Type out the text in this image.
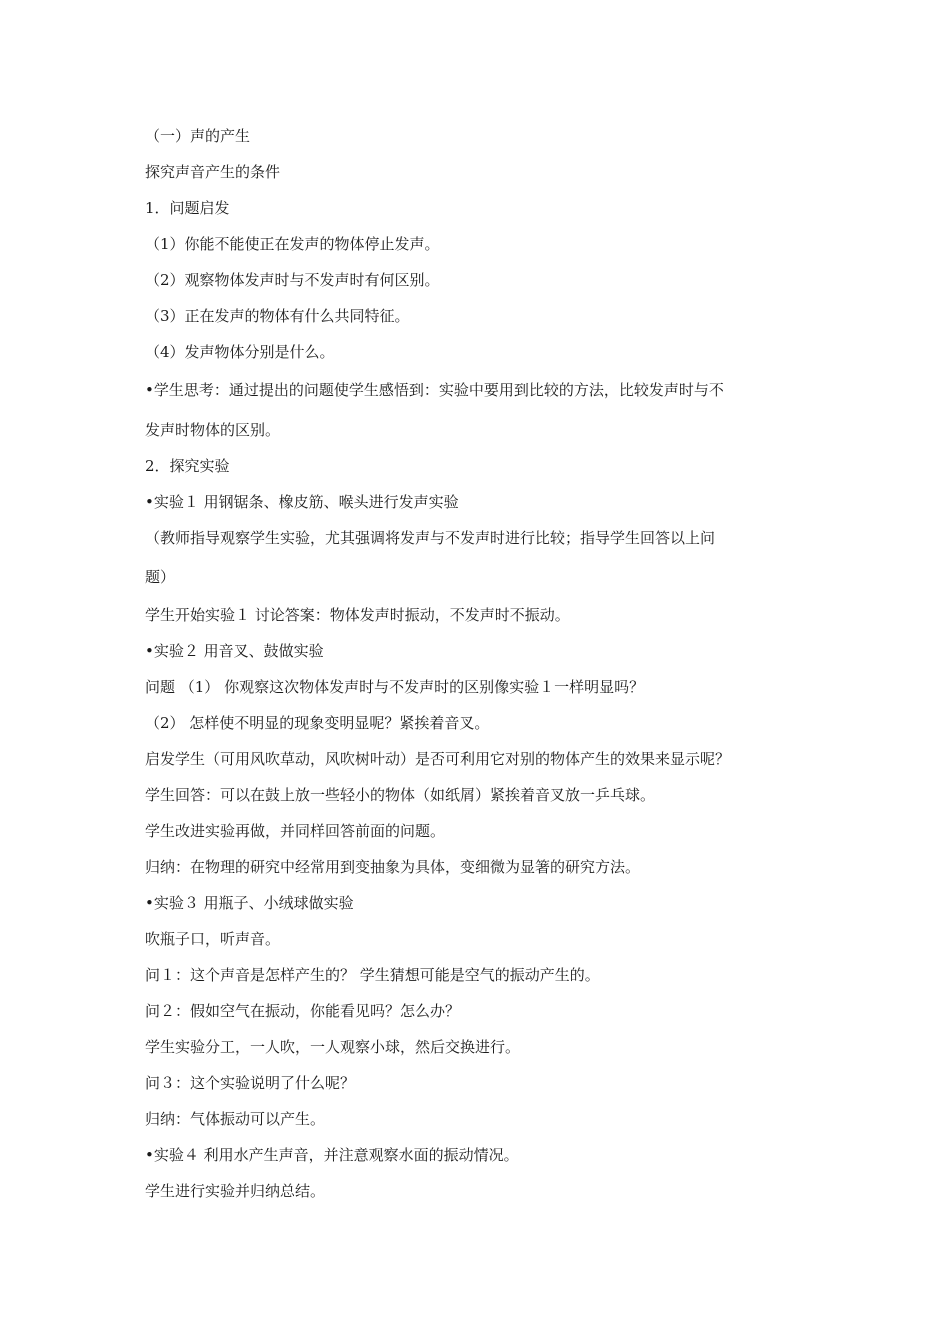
（一）声的产生
探究声音产生的条件
1．问题启发
（1）你能不能使正在发声的物体停止发声。
（2）观察物体发声时与不发声时有何区别。
（3）正在发声的物体有什么共同特征。
（4）发声物体分别是什么。
•学生思考：通过提出的问题使学生感悟到：实验中要用到比较的方法，比较发声时与不
发声时物体的区别。
2．探究实验
•实验１ 用钢锯条、橡皮筋、喉头进行发声实验
（教师指导观察学生实验，尤其强调将发声与不发声时进行比较；指导学生回答以上问
题）
学生开始实验１ 讨论答案：物体发声时振动，不发声时不振动。
•实验２ 用音叉、鼓做实验
问题 （1） 你观察这次物体发声时与不发声时的区别像实验１一样明显吗？
（2） 怎样使不明显的现象变明显呢？紧挨着音叉。
启发学生（可用风吹草动，风吹树叶动）是否可利用它对别的物体产生的效果来显示呢？
学生回答：可以在鼓上放一些轻小的物体（如纸屑）紧挨着音叉放一乒乓球。
学生改进实验再做，并同样回答前面的问题。
归纳：在物理的研究中经常用到变抽象为具体，变细微为显箸的研究方法。
•实验３ 用瓶子、小绒球做实验
吹瓶子口，听声音。
问１：这个声音是怎样产生的？ 学生猜想可能是空气的振动产生的。
问２：假如空气在振动，你能看见吗？怎么办？
学生实验分工，一人吹，一人观察小球，然后交换进行。
问３：这个实验说明了什么呢？
归纳：气体振动可以产生。
•实验４ 利用水产生声音，并注意观察水面的振动情况。
学生进行实验并归纳总结。
